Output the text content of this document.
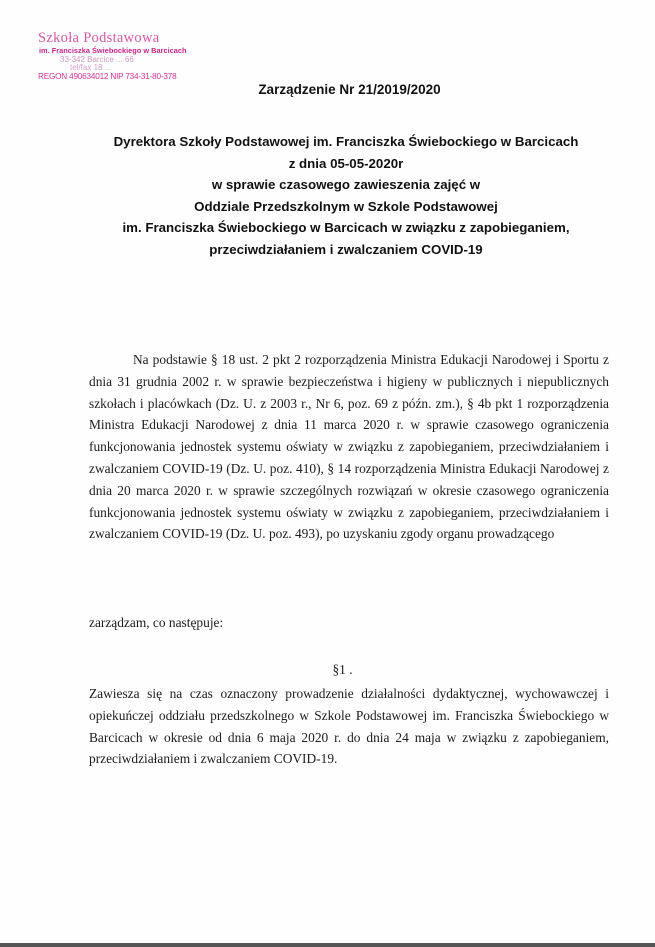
Szkoła Podstawowa
im. Franciszka Świebockiego w Barcicach
33-342 Barcice ... 66
tel/fax 18 ...
REGON 490634012 NIP 734-31-80-378
Zarządzenie Nr 21/2019/2020
Dyrektora Szkoły Podstawowej im. Franciszka Świebockiego w Barcicach
z dnia 05-05-2020r
w sprawie czasowego zawieszenia zajęć w
Oddziale Przedszkolnym w Szkole Podstawowej
im. Franciszka Świebockiego w Barcicach w związku z zapobieganiem,
przeciwdziałaniem i zwalczaniem COVID-19

Na podstawie § 18 ust. 2 pkt 2 rozporządzenia Ministra Edukacji Narodowej i Sportu z dnia 31 grudnia 2002 r. w sprawie bezpieczeństwa i higieny w publicznych i niepublicznych szkołach i placówkach (Dz. U. z 2003 r., Nr 6, poz. 69 z późn. zm.), § 4b pkt 1 rozporządzenia Ministra Edukacji Narodowej z dnia 11 marca 2020 r. w sprawie czasowego ograniczenia funkcjonowania jednostek systemu oświaty w związku z zapobieganiem, przeciwdziałaniem i zwalczaniem COVID-19 (Dz. U. poz. 410), § 14 rozporządzenia Ministra Edukacji Narodowej z dnia 20 marca 2020 r. w sprawie szczególnych rozwiązań w okresie czasowego ograniczenia funkcjonowania jednostek systemu oświaty w związku z zapobieganiem, przeciwdziałaniem i zwalczaniem COVID-19 (Dz. U. poz. 493), po uzyskaniu zgody organu prowadzącego

zarządzam, co następuje:
§1 .

Zawiesza się na czas oznaczony prowadzenie działalności dydaktycznej, wychowawczej i opiekuńczej oddziału przedszkolnego w Szkole Podstawowej im. Franciszka Świebockiego w Barcicach w okresie od dnia 6 maja 2020 r. do dnia 24 maja w związku z zapobieganiem, przeciwdziałaniem i zwalczaniem COVID-19.
